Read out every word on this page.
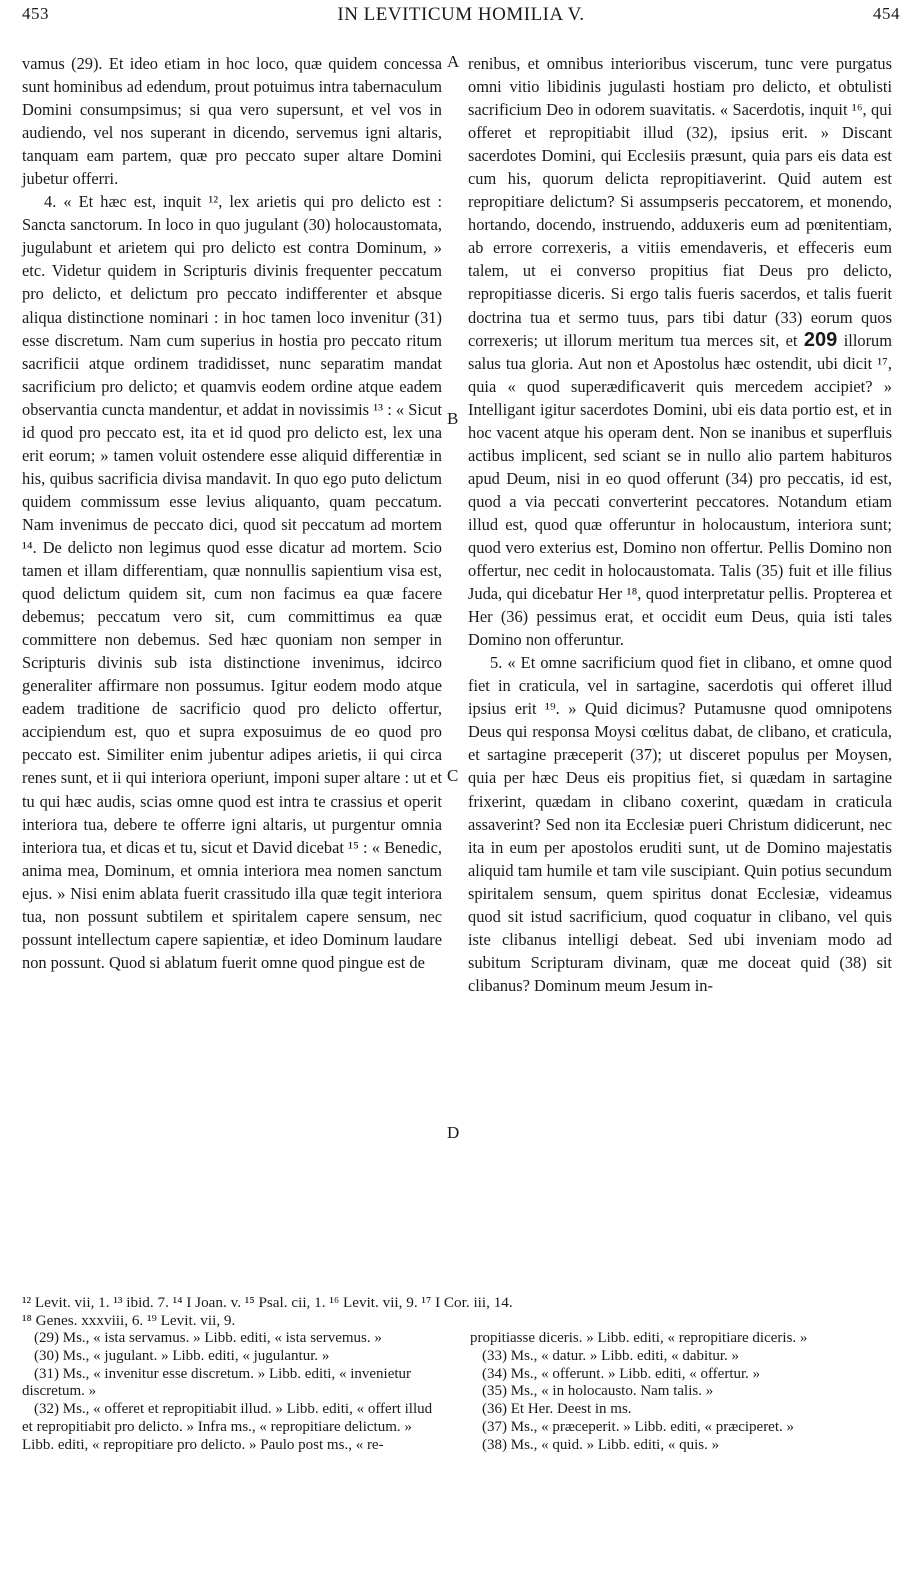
453	IN LEVITICUM HOMILIA V.	454
A
B
C
D

vamus (29). Et ideo etiam in hoc loco, quæ quidem concessa sunt hominibus ad edendum, prout potuimus intra tabernaculum Domini consumpsimus; si qua vero supersunt, et vel vos in audiendo, vel nos superant in dicendo, servemus igni altaris, tanquam eam partem, quæ pro peccato super altare Domini jubetur offerri.

4. « Et hæc est, inquit ¹², lex arietis qui pro delicto est : Sancta sanctorum. In loco in quo jugulant (30) holocaustomata, jugulabunt et arietem qui pro delicto est contra Dominum, » etc. Videtur quidem in Scripturis divinis frequenter peccatum pro delicto, et delictum pro peccato indifferenter et absque aliqua distinctione nominari : in hoc tamen loco invenitur (31) esse discretum. Nam cum superius in hostia pro peccato ritum sacrificii atque ordinem tradidisset, nunc separatim mandat sacrificium pro delicto; et quamvis eodem ordine atque eadem observantia cuncta mandentur, et addat in novissimis ¹³ : « Sicut id quod pro peccato est, ita et id quod pro delicto est, lex una erit eorum; » tamen voluit ostendere esse aliquid differentiæ in his, quibus sacrificia divisa mandavit. In quo ego puto delictum quidem commissum esse levius aliquanto, quam peccatum. Nam invenimus de peccato dici, quod sit peccatum ad mortem ¹⁴. De delicto non legimus quod esse dicatur ad mortem. Scio tamen et illam differentiam, quæ nonnullis sapientium visa est, quod delictum quidem sit, cum non facimus ea quæ facere debemus; peccatum vero sit, cum committimus ea quæ committere non debemus. Sed hæc quoniam non semper in Scripturis divinis sub ista distinctione invenimus, idcirco generaliter affirmare non possumus. Igitur eodem modo atque eadem traditione de sacrificio quod pro delicto offertur, accipiendum est, quo et supra exposuimus de eo quod pro peccato est. Similiter enim jubentur adipes arietis, ii qui circa renes sunt, et ii qui interiora operiunt, imponi super altare : ut et tu qui hæc audis, scias omne quod est intra te crassius et operit interiora tua, debere te offerre igni altaris, ut purgentur omnia interiora tua, et dicas et tu, sicut et David dicebat ¹⁵ : « Benedic, anima mea, Dominum, et omnia interiora mea nomen sanctum ejus. » Nisi enim ablata fuerit crassitudo illa quæ tegit interiora tua, non possunt subtilem et spiritalem capere sensum, nec possunt intellectum capere sapientiæ, et ideo Dominum laudare non possunt. Quod si ablatum fuerit omne quod pingue est de

renibus, et omnibus interioribus viscerum, tunc vere purgatus omni vitio libidinis jugulasti hostiam pro delicto, et obtulisti sacrificium Deo in odorem suavitatis. « Sacerdotis, inquit ¹⁶, qui offeret et repropitiabit illud (32), ipsius erit. » Discant sacerdotes Domini, qui Ecclesiis præsunt, quia pars eis data est cum his, quorum delicta repropitiaverint. Quid autem est repropitiare delictum? Si assumpseris peccatorem, et monendo, hortando, docendo, instruendo, adduxeris eum ad pœnitentiam, ab errore correxeris, a vitiis emendaveris, et effeceris eum talem, ut ei converso propitius fiat Deus pro delicto, repropitiasse diceris. Si ergo talis fueris sacerdos, et talis fuerit doctrina tua et sermo tuus, pars tibi datur (33) eorum quos correxeris; ut illorum meritum tua merces sit, et 209 illorum salus tua gloria. Aut non et Apostolus hæc ostendit, ubi dicit ¹⁷, quia « quod superædificaverit quis mercedem accipiet? » Intelligant igitur sacerdotes Domini, ubi eis data portio est, et in hoc vacent atque his operam dent. Non se inanibus et superfluis actibus implicent, sed sciant se in nullo alio partem habituros apud Deum, nisi in eo quod offerunt (34) pro peccatis, id est, quod a via peccati converterint peccatores. Notandum etiam illud est, quod quæ offeruntur in holocaustum, interiora sunt; quod vero exterius est, Domino non offertur. Pellis Domino non offertur, nec cedit in holocaustomata. Talis (35) fuit et ille filius Juda, qui dicebatur Her ¹⁸, quod interpretatur pellis. Propterea et Her (36) pessimus erat, et occidit eum Deus, quia isti tales Domino non offeruntur.

5. « Et omne sacrificium quod fiet in clibano, et omne quod fiet in craticula, vel in sartagine, sacerdotis qui offeret illud ipsius erit ¹⁹. » Quid dicimus? Putamusne quod omnipotens Deus qui responsa Moysi cœlitus dabat, de clibano, et craticula, et sartagine præceperit (37); ut disceret populus per Moysen, quia per hæc Deus eis propitius fiet, si quædam in sartagine frixerint, quædam in clibano coxerint, quædam in craticula assaverint? Sed non ita Ecclesiæ pueri Christum didicerunt, nec ita in eum per apostolos eruditi sunt, ut de Domino majestatis aliquid tam humile et tam vile suscipiant. Quin potius secundum spiritalem sensum, quem spiritus donat Ecclesiæ, videamus quod sit istud sacrificium, quod coquatur in clibano, vel quis iste clibanus intelligi debeat. Sed ubi inveniam modo ad subitum Scripturam divinam, quæ me doceat quid (38) sit clibanus? Dominum meum Jesum in-

¹² Levit. vii, 1. ¹³ ibid. 7. ¹⁴ I Joan. v. ¹⁵ Psal. cii, 1. ¹⁶ Levit. vii, 9. ¹⁷ I Cor. iii, 14.
¹⁸ Genes. xxxviii, 6. ¹⁹ Levit. vii, 9.
(29) Ms., « ista servamus. » Libb. editi, « ista servemus. »
(30) Ms., « jugulant. » Libb. editi, « jugulantur. »
(31) Ms., « invenitur esse discretum. » Libb. editi, « invenietur discretum. »
(32) Ms., « offeret et repropitiabit illud. » Libb. editi, « offert illud et repropitiabit pro delicto. » Infra ms., « repropitiare delictum. » Libb. editi, « repropitiare pro delicto. » Paulo post ms., « re-
propitiasse diceris. » Libb. editi, « repropitiare diceris. »
(33) Ms., « datur. » Libb. editi, « dabitur. »
(34) Ms., « offerunt. » Libb. editi, « offertur. »
(35) Ms., « in holocausto. Nam talis. »
(36) Et Her. Deest in ms.
(37) Ms., « præceperit. » Libb. editi, « præciperet. »
(38) Ms., « quid. » Libb. editi, « quis. »
